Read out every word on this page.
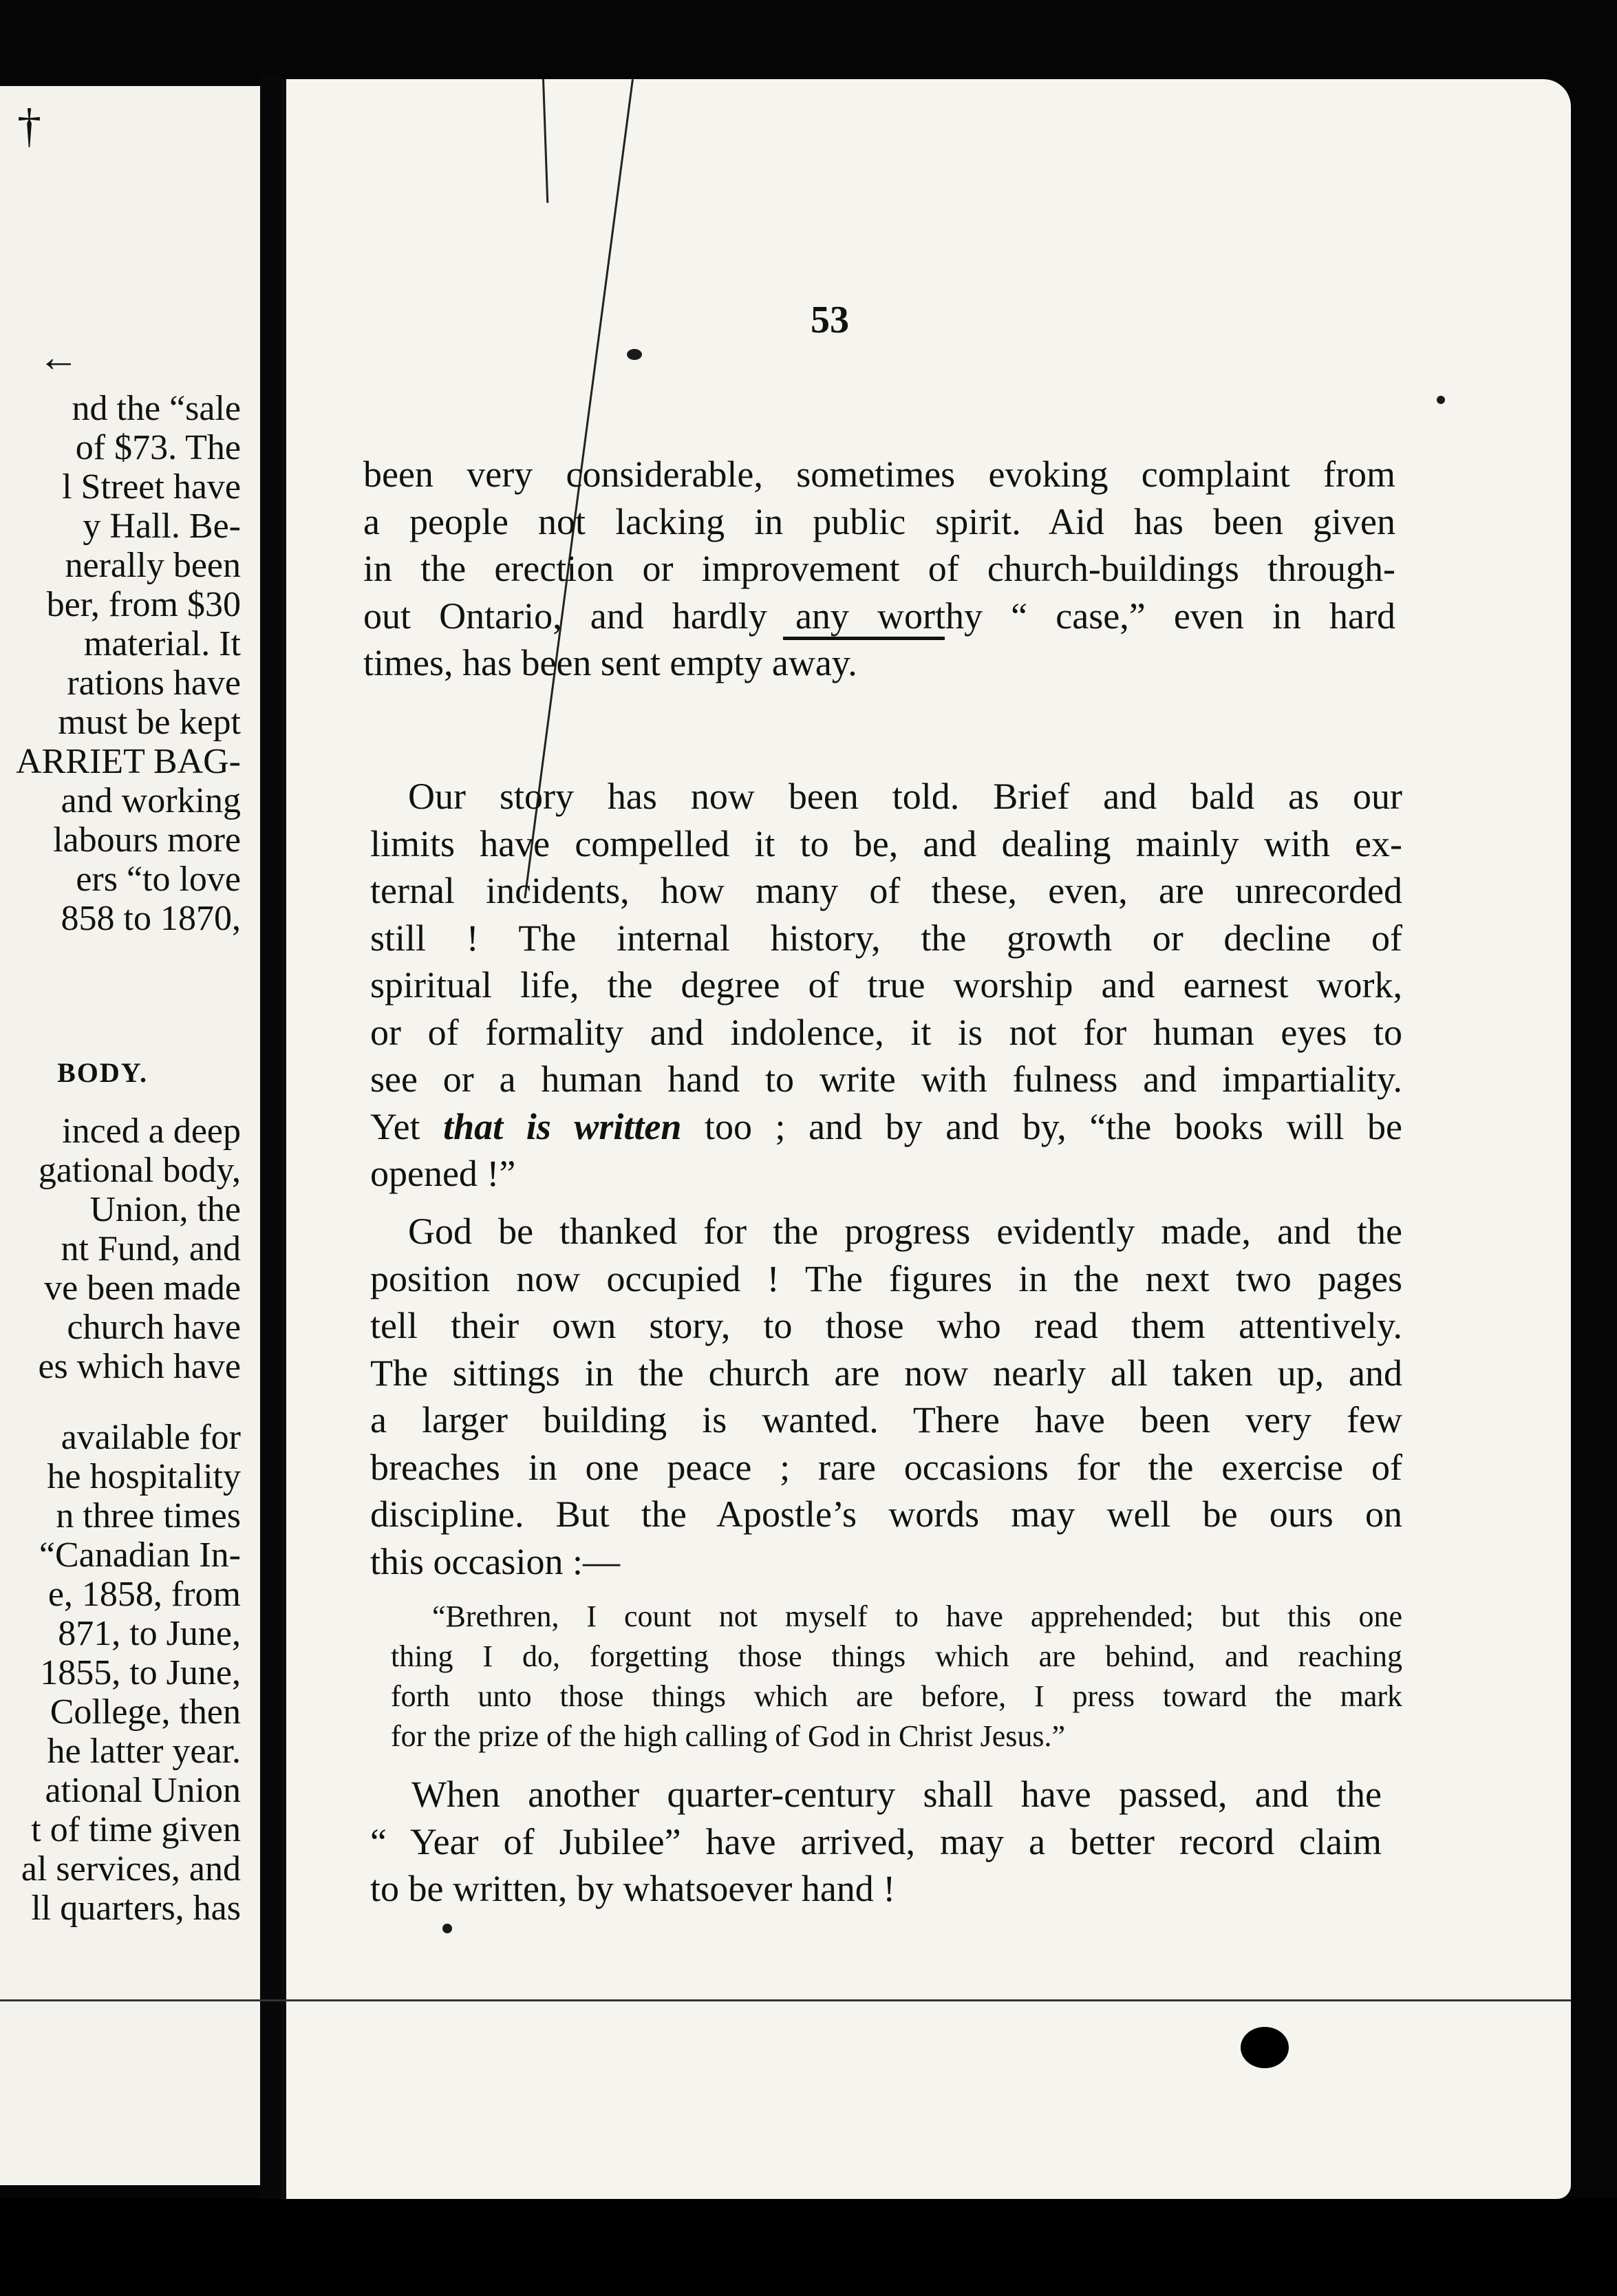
†
←
nd the “sale
of $73. The
l Street have
y Hall. Be-
nerally been
ber, from $30
material. It
rations have
must be kept
ARRIET BAG-
and working
labours more
ers “to love
858 to 1870,
BODY.
inced a deep
gational body,
Union, the
nt Fund, and
ve been made
church have
es which have
available for
he hospitality
n three times
“Canadian In-
e, 1858, from
871, to June,
1855, to June,
College, then
he latter year.
ational Union
t of time given
al services, and
ll quarters, has
53
been very considerable, sometimes evoking complaint from
a people not lacking in public spirit. Aid has been given
in the erection or improvement of church-buildings through-
out Ontario, and hardly any worthy “ case,” even in hard
times, has been sent empty away.
Our story has now been told. Brief and bald as our
limits have compelled it to be, and dealing mainly with ex-
ternal incidents, how many of these, even, are unrecorded
still ! The internal history, the growth or decline of
spiritual life, the degree of true worship and earnest work,
or of formality and indolence, it is not for human eyes to
see or a human hand to write with fulness and impartiality.
Yet that is written too ; and by and by, “the books will be
opened !”
God be thanked for the progress evidently made, and the
position now occupied ! The figures in the next two pages
tell their own story, to those who read them attentively.
The sittings in the church are now nearly all taken up, and
a larger building is wanted. There have been very few
breaches in one peace ; rare occasions for the exercise of
discipline. But the Apostle’s words may well be ours on
this occasion :—
“Brethren, I count not myself to have apprehended; but this one
thing I do, forgetting those things which are behind, and reaching
forth unto those things which are before, I press toward the mark
for the prize of the high calling of God in Christ Jesus.”
When another quarter-century shall have passed, and the
“ Year of Jubilee” have arrived, may a better record claim
to be written, by whatsoever hand !
